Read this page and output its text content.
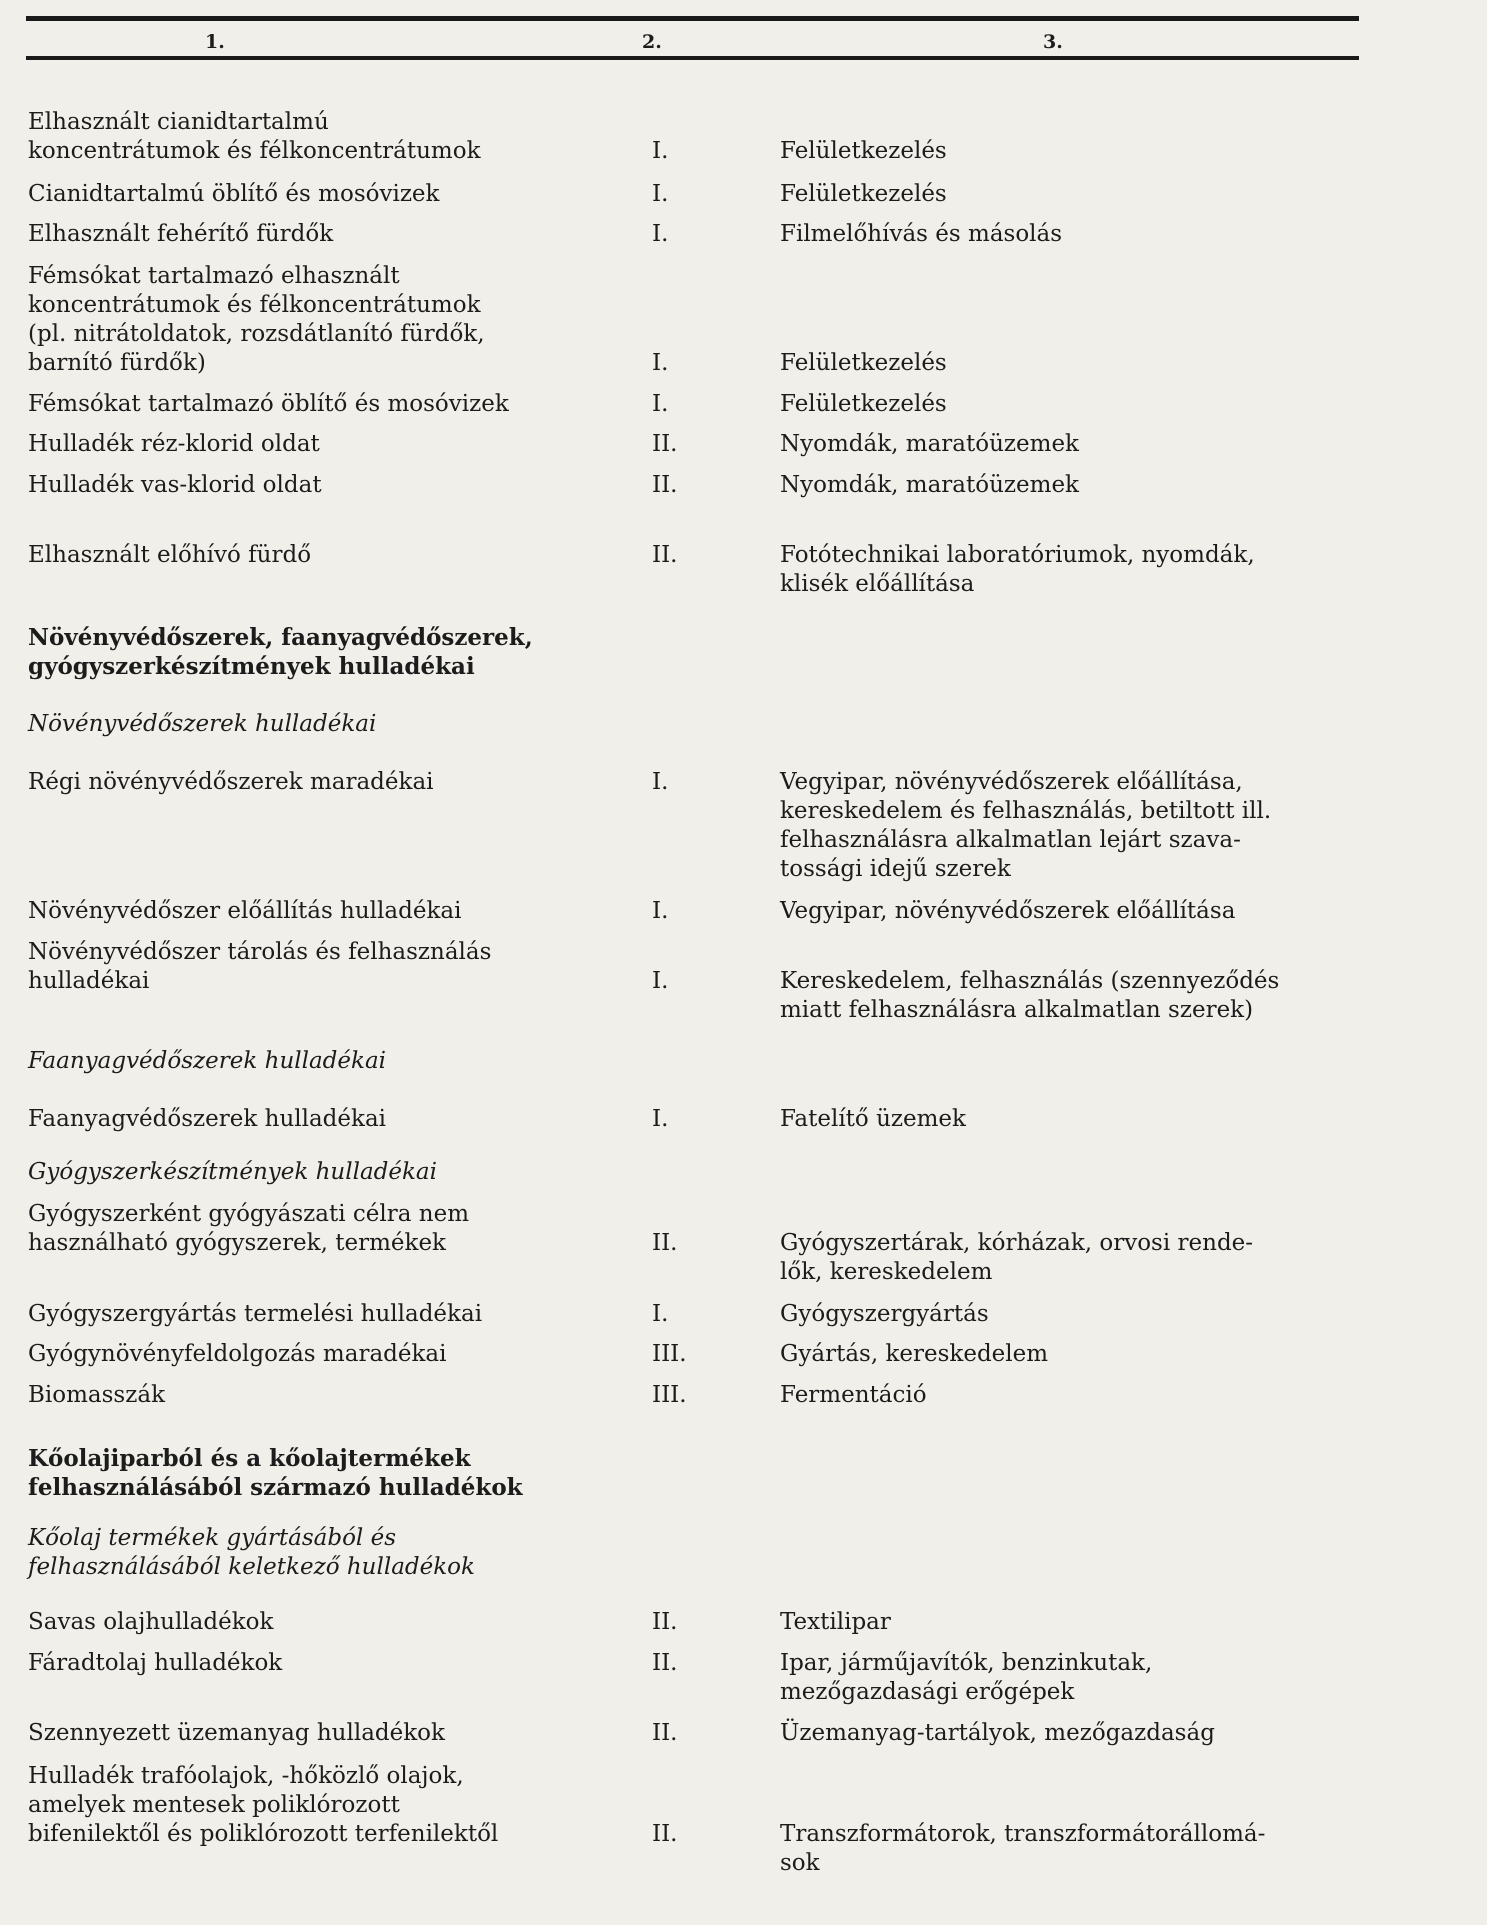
1.	2.	3.
Elhasznált cianidtartalmú
koncentrátumok és félkoncentrátumok	I.	Felületkezelés
Cianidtartalmú öblítő és mosóvizek	I.	Felületkezelés
Elhasznált fehérítő fürdők	I.	Filmelőhívás és másolás
Fémsókat tartalmazó elhasznált
koncentrátumok és félkoncentrátumok
(pl. nitrátoldatok, rozsdátlanító fürdők,
barnító fürdők)	I.	Felületkezelés
Fémsókat tartalmazó öblítő és mosóvizek	I.	Felületkezelés
Hulladék réz-klorid oldat	II.	Nyomdák, maratóüzemek
Hulladék vas-klorid oldat	II.	Nyomdák, maratóüzemek
Elhasznált előhívó fürdő	II.	Fotótechnikai laboratóriumok, nyomdák,
klisék előállítása
Növényvédőszerek, faanyagvédőszerek,
gyógyszerkészítmények hulladékai
Növényvédőszerek hulladékai
Régi növényvédőszerek maradékai	I.	Vegyipar, növényvédőszerek előállítása,
kereskedelem és felhasználás, betiltott ill.
felhasználásra alkalmatlan lejárt szava-
tossági idejű szerek
Növényvédőszer előállítás hulladékai	I.	Vegyipar, növényvédőszerek előállítása
Növényvédőszer tárolás és felhasználás
hulladékai	I.	Kereskedelem, felhasználás (szennyeződés
miatt felhasználásra alkalmatlan szerek)
Faanyagvédőszerek hulladékai
Faanyagvédőszerek hulladékai	I.	Fatelítő üzemek
Gyógyszerkészítmények hulladékai
Gyógyszerként gyógyászati célra nem
használható gyógyszerek, termékek	II.	Gyógyszertárak, kórházak, orvosi rende-
lők, kereskedelem
Gyógyszergyártás termelési hulladékai	I.	Gyógyszergyártás
Gyógynövényfeldolgozás maradékai	III.	Gyártás, kereskedelem
Biomasszák	III.	Fermentáció
Kőolajiparból és a kőolajtermékek
felhasználásából származó hulladékok
Kőolaj termékek gyártásából és
felhasználásából keletkező hulladékok
Savas olajhulladékok	II.	Textilipar
Fáradtolaj hulladékok	II.	Ipar, járműjavítók, benzinkutak,
mezőgazdasági erőgépek
Szennyezett üzemanyag hulladékok	II.	Üzemanyag-tartályok, mezőgazdaság
Hulladék trafóolajok, -hőközlő olajok,
amelyek mentesek poliklórozott
bifenilektől és poliklórozott terfenilektől	II.	Transzformátorok, transzformátorállomá-
sok
